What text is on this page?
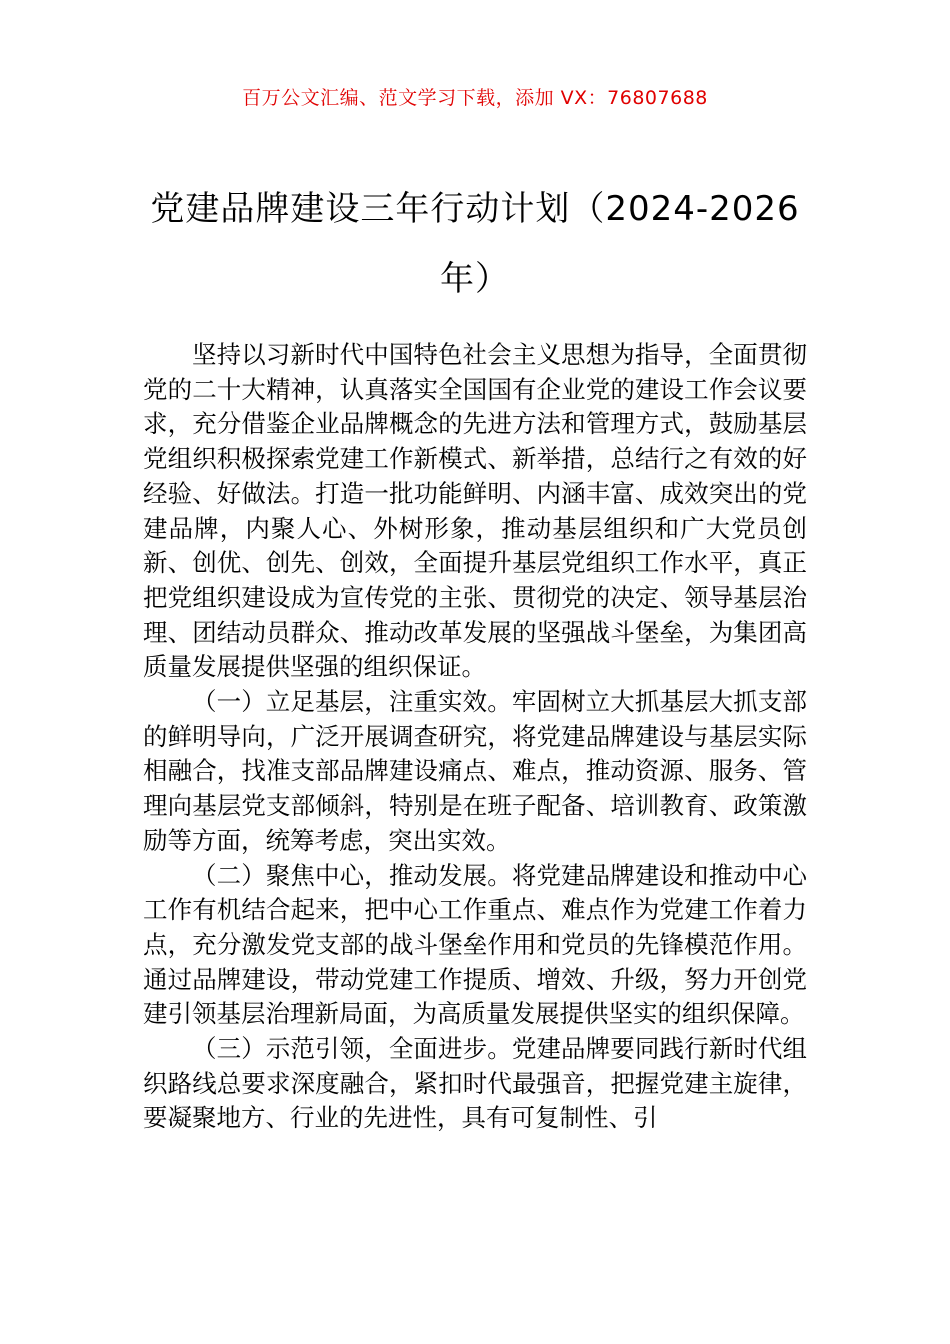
百万公文汇编、范文学习下载，添加 VX：76807688
党建品牌建设三年行动计划（2024-2026年）

坚持以习新时代中国特色社会主义思想为指导，全面贯彻党的二十大精神，认真落实全国国有企业党的建设工作会议要求，充分借鉴企业品牌概念的先进方法和管理方式，鼓励基层党组织积极探索党建工作新模式、新举措，总结行之有效的好经验、好做法。打造一批功能鲜明、内涵丰富、成效突出的党建品牌，内聚人心、外树形象，推动基层组织和广大党员创新、创优、创先、创效，全面提升基层党组织工作水平，真正把党组织建设成为宣传党的主张、贯彻党的决定、领导基层治理、团结动员群众、推动改革发展的坚强战斗堡垒，为集团高质量发展提供坚强的组织保证。

（一）立足基层，注重实效。牢固树立大抓基层大抓支部的鲜明导向，广泛开展调查研究，将党建品牌建设与基层实际相融合，找准支部品牌建设痛点、难点，推动资源、服务、管理向基层党支部倾斜，特别是在班子配备、培训教育、政策激励等方面，统筹考虑，突出实效。

（二）聚焦中心，推动发展。将党建品牌建设和推动中心工作有机结合起来，把中心工作重点、难点作为党建工作着力点，充分激发党支部的战斗堡垒作用和党员的先锋模范作用。通过品牌建设，带动党建工作提质、增效、升级，努力开创党建引领基层治理新局面，为高质量发展提供坚实的组织保障。

（三）示范引领，全面进步。党建品牌要同践行新时代组织路线总要求深度融合，紧扣时代最强音，把握党建主旋律，要凝聚地方、行业的先进性，具有可复制性、引
